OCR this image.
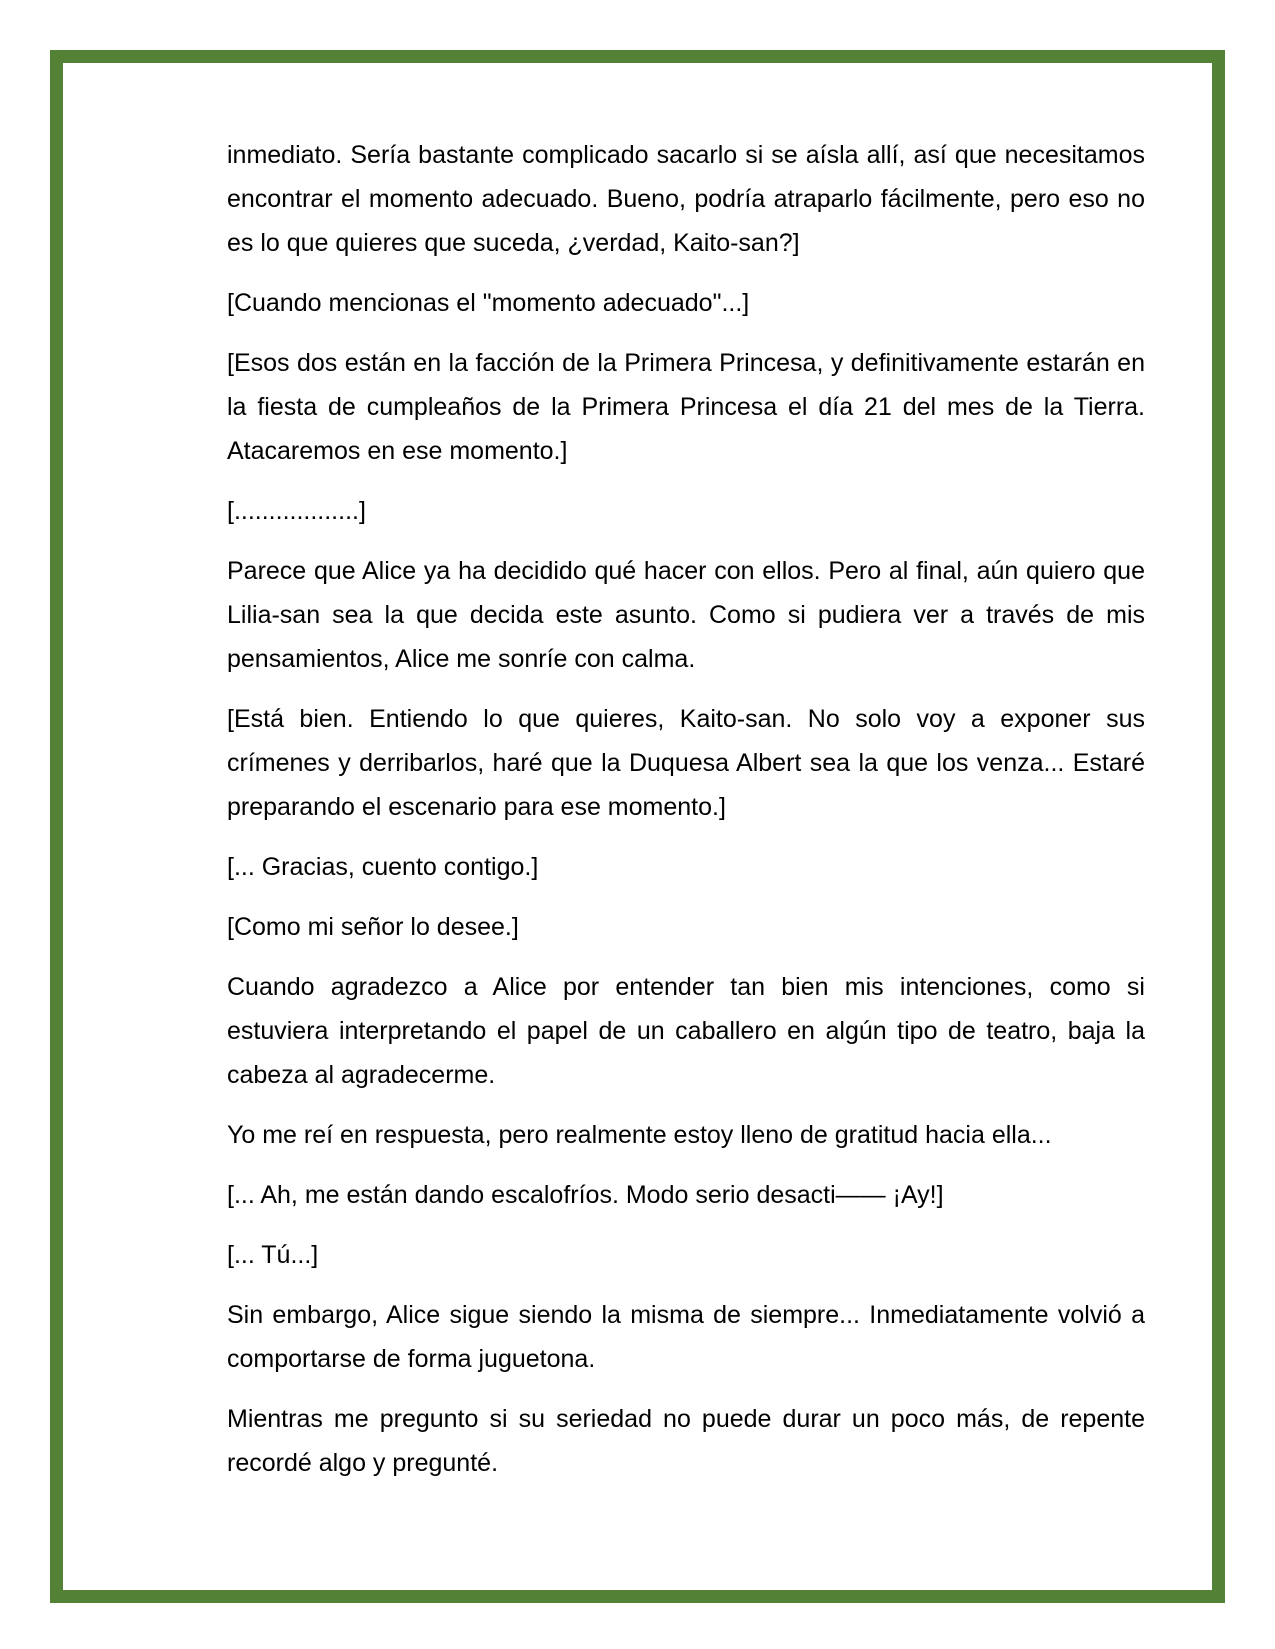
inmediato. Sería bastante complicado sacarlo si se aísla allí, así que necesitamos encontrar el momento adecuado. Bueno, podría atraparlo fácilmente, pero eso no es lo que quieres que suceda, ¿verdad, Kaito-san?]

[Cuando mencionas el "momento adecuado"...]

[Esos dos están en la facción de la Primera Princesa, y definitivamente estarán en la fiesta de cumpleaños de la Primera Princesa el día 21 del mes de la Tierra. Atacaremos en ese momento.]

[..................]

Parece que Alice ya ha decidido qué hacer con ellos. Pero al final, aún quiero que Lilia-san sea la que decida este asunto. Como si pudiera ver a través de mis pensamientos, Alice me sonríe con calma.

[Está bien. Entiendo lo que quieres, Kaito-san. No solo voy a exponer sus crímenes y derribarlos, haré que la Duquesa Albert sea la que los venza... Estaré preparando el escenario para ese momento.]

[... Gracias, cuento contigo.]

[Como mi señor lo desee.]

Cuando agradezco a Alice por entender tan bien mis intenciones, como si estuviera interpretando el papel de un caballero en algún tipo de teatro, baja la cabeza al agradecerme.

Yo me reí en respuesta, pero realmente estoy lleno de gratitud hacia ella...

[... Ah, me están dando escalofríos. Modo serio desacti—— ¡Ay!]

[... Tú...]

Sin embargo, Alice sigue siendo la misma de siempre... Inmediatamente volvió a comportarse de forma juguetona.

Mientras me pregunto si su seriedad no puede durar un poco más, de repente recordé algo y pregunté.
